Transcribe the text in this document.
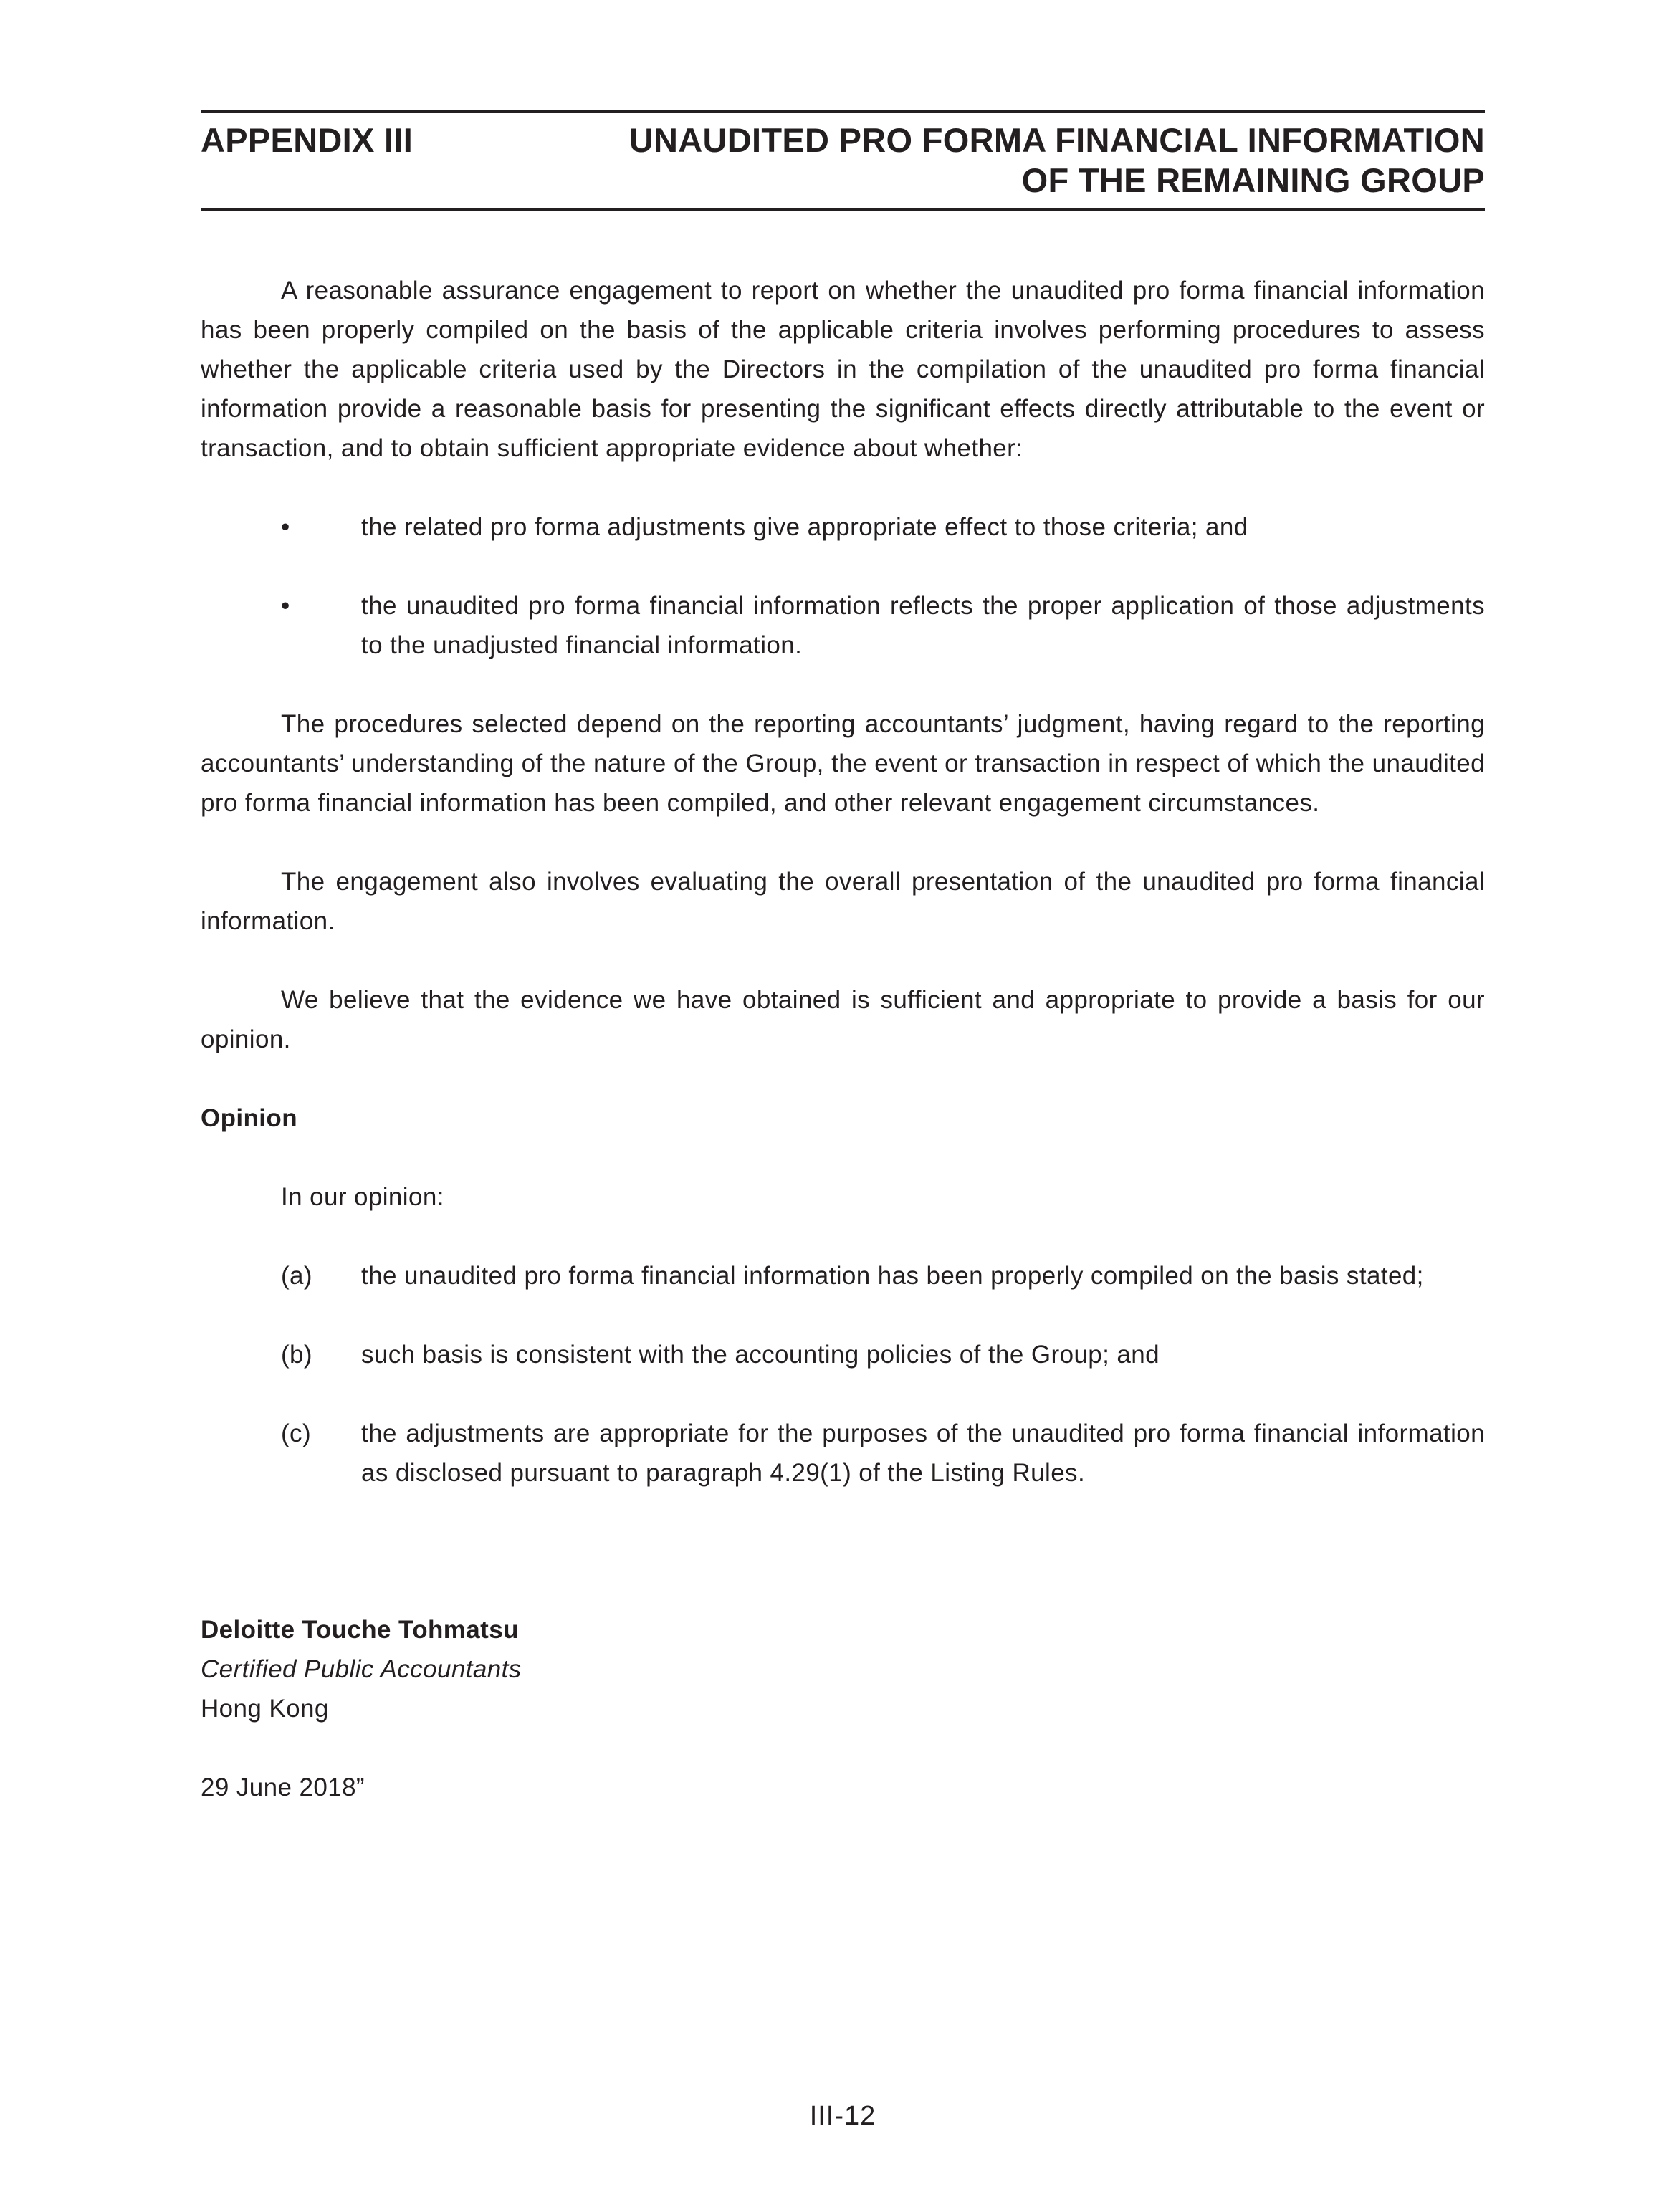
APPENDIX III	UNAUDITED PRO FORMA FINANCIAL INFORMATION
OF THE REMAINING GROUP

A reasonable assurance engagement to report on whether the unaudited pro forma financial information has been properly compiled on the basis of the applicable criteria involves performing procedures to assess whether the applicable criteria used by the Directors in the compilation of the unaudited pro forma financial information provide a reasonable basis for presenting the significant effects directly attributable to the event or transaction, and to obtain sufficient appropriate evidence about whether:

•	the related pro forma adjustments give appropriate effect to those criteria; and
•	the unaudited pro forma financial information reflects the proper application of those adjustments to the unadjusted financial information.

The procedures selected depend on the reporting accountants’ judgment, having regard to the reporting accountants’ understanding of the nature of the Group, the event or transaction in respect of which the unaudited pro forma financial information has been compiled, and other relevant engagement circumstances.

The engagement also involves evaluating the overall presentation of the unaudited pro forma financial information.

We believe that the evidence we have obtained is sufficient and appropriate to provide a basis for our opinion.

Opinion
In our opinion:
(a)	the unaudited pro forma financial information has been properly compiled on the basis stated;
(b)	such basis is consistent with the accounting policies of the Group; and
(c)	the adjustments are appropriate for the purposes of the unaudited pro forma financial information as disclosed pursuant to paragraph 4.29(1) of the Listing Rules.
Deloitte Touche Tohmatsu
Certified Public Accountants
Hong Kong
29 June 2018”
III-12
